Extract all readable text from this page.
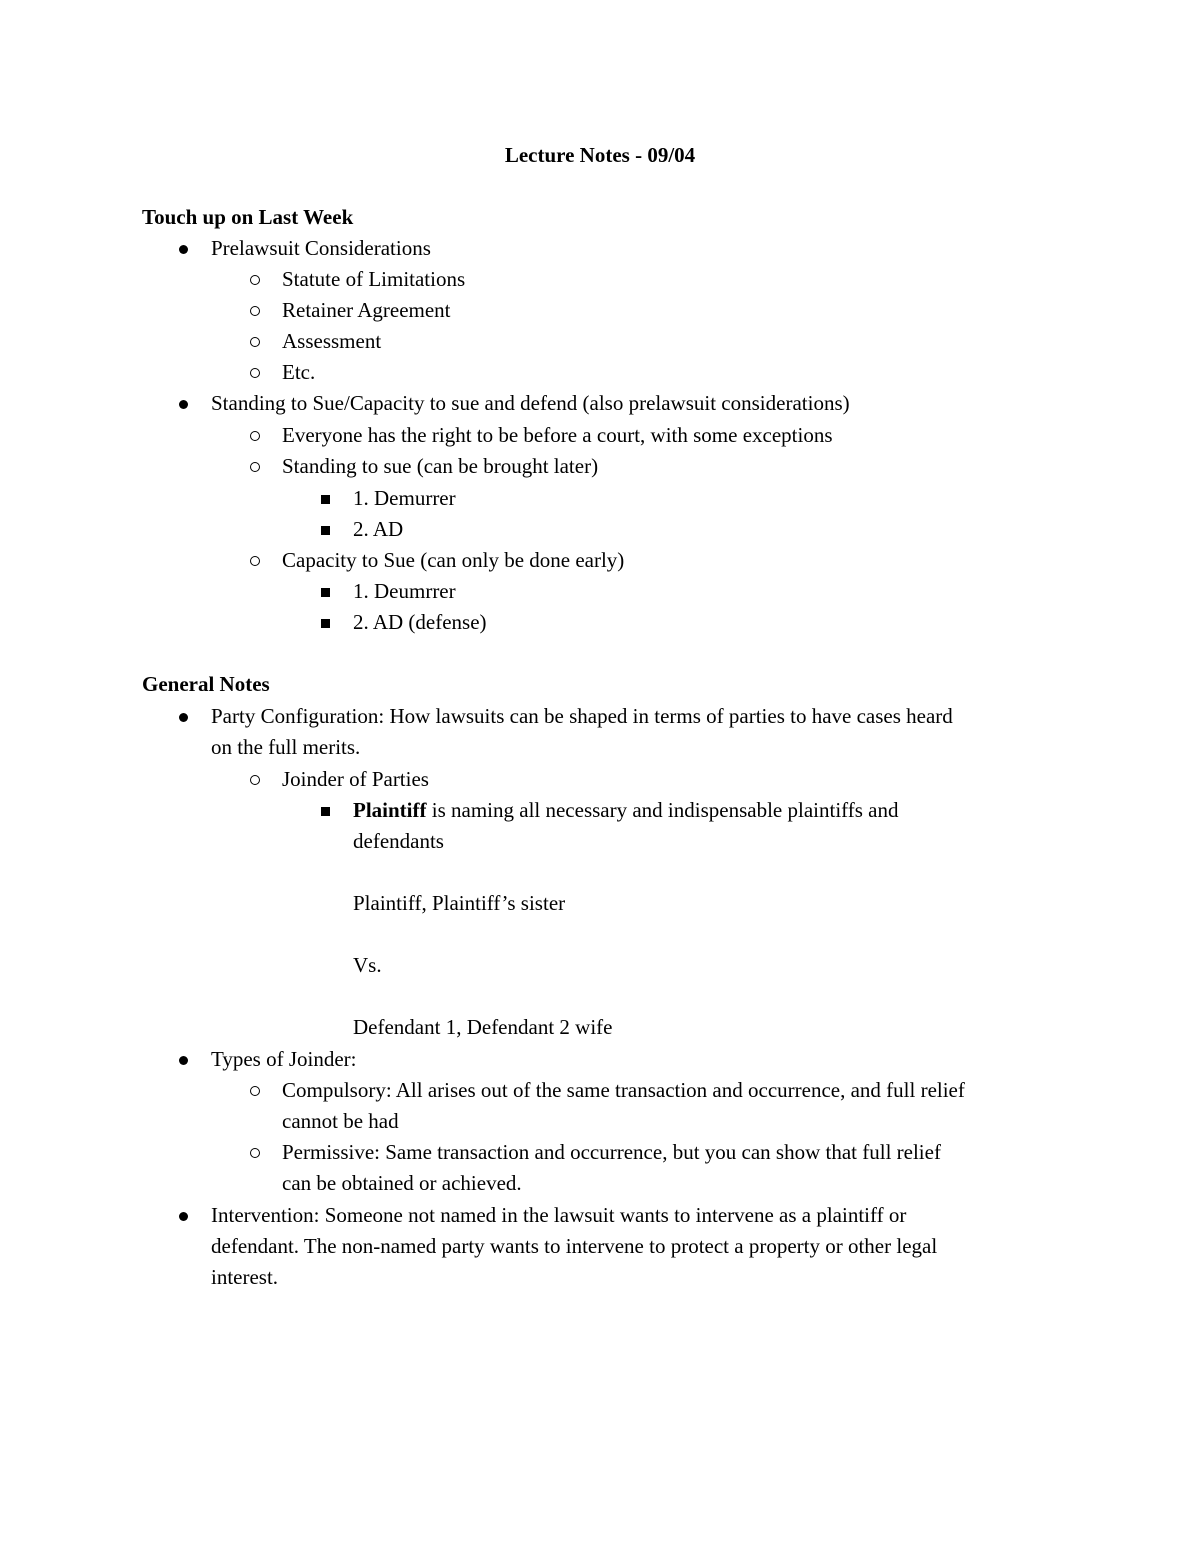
Lecture Notes - 09/04
Touch up on Last Week
Prelawsuit Considerations
Statute of Limitations
Retainer Agreement
Assessment
Etc.
Standing to Sue/Capacity to sue and defend (also prelawsuit considerations)
Everyone has the right to be before a court, with some exceptions
Standing to sue (can be brought later)
1. Demurrer
2. AD
Capacity to Sue (can only be done early)
1. Deumrrer
2. AD (defense)
General Notes
Party Configuration: How lawsuits can be shaped in terms of parties to have cases heard
on the full merits.
Joinder of Parties
Plaintiff is naming all necessary and indispensable plaintiffs and
defendants
Plaintiff, Plaintiff’s sister
Vs.
Defendant 1, Defendant 2 wife
Types of Joinder:
Compulsory: All arises out of the same transaction and occurrence, and full relief
cannot be had
Permissive: Same transaction and occurrence, but you can show that full relief
can be obtained or achieved.
Intervention: Someone not named in the lawsuit wants to intervene as a plaintiff or
defendant. The non-named party wants to intervene to protect a property or other legal
interest.
